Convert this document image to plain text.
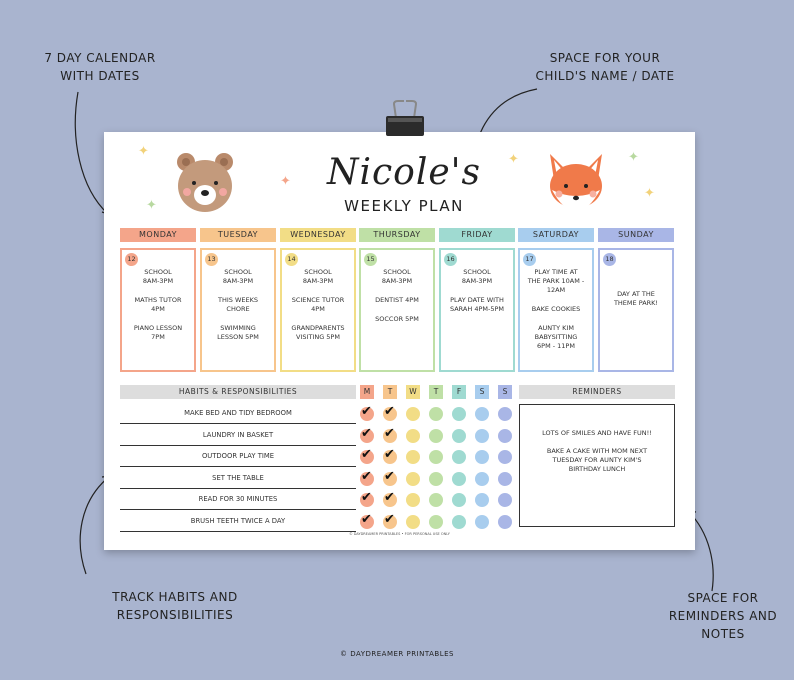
7 DAY CALENDAR
WITH DATES
SPACE FOR YOUR
CHILD'S NAME / DATE
TRACK HABITS AND RESPONSIBILITIES
SPACE FOR
REMINDERS AND
NOTES
✦
✦
✦
✦	✦
✦
Nicole's
WEEKLY PLAN
MONDAY
12
SCHOOL
8AM-3PM
MATHS TUTOR
4PM
PIANO LESSON
7PM
TUESDAY
13
SCHOOL
8AM-3PM
THIS WEEKS
CHORE
SWIMMING
LESSON 5PM
WEDNESDAY
14
SCHOOL
8AM-3PM
SCIENCE TUTOR
4PM
GRANDPARENTS
VISITING 5PM
THURSDAY
15
SCHOOL
8AM-3PM
DENTIST 4PM
SOCCOR 5PM
FRIDAY
16
SCHOOL
8AM-3PM
PLAY DATE WITH
SARAH 4PM-5PM
SATURDAY
17
PLAY TIME AT
THE PARK 10AM -
12AM
BAKE COOKIES
AUNTY KIM
BABYSITTING
6PM - 11PM
SUNDAY
18
DAY AT THE
THEME PARK!
HABITS & RESPONSIBILITIES	M	T	W	T	F	S	S
MAKE BED AND TIDY BEDROOM	✔ ✔
LAUNDRY IN BASKET	✔ ✔
OUTDOOR PLAY TIME	✔ ✔
SET THE TABLE	✔ ✔
READ FOR 30 MINUTES	✔ ✔
BRUSH TEETH TWICE A DAY	✔ ✔
REMINDERS
LOTS OF SMILES AND HAVE FUN!!
BAKE A CAKE WITH MOM NEXT
TUESDAY FOR AUNTY KIM'S
BIRTHDAY LUNCH
© DAYDREAMER PRINTABLES • FOR PERSONAL USE ONLY
© DAYDREAMER PRINTABLES
